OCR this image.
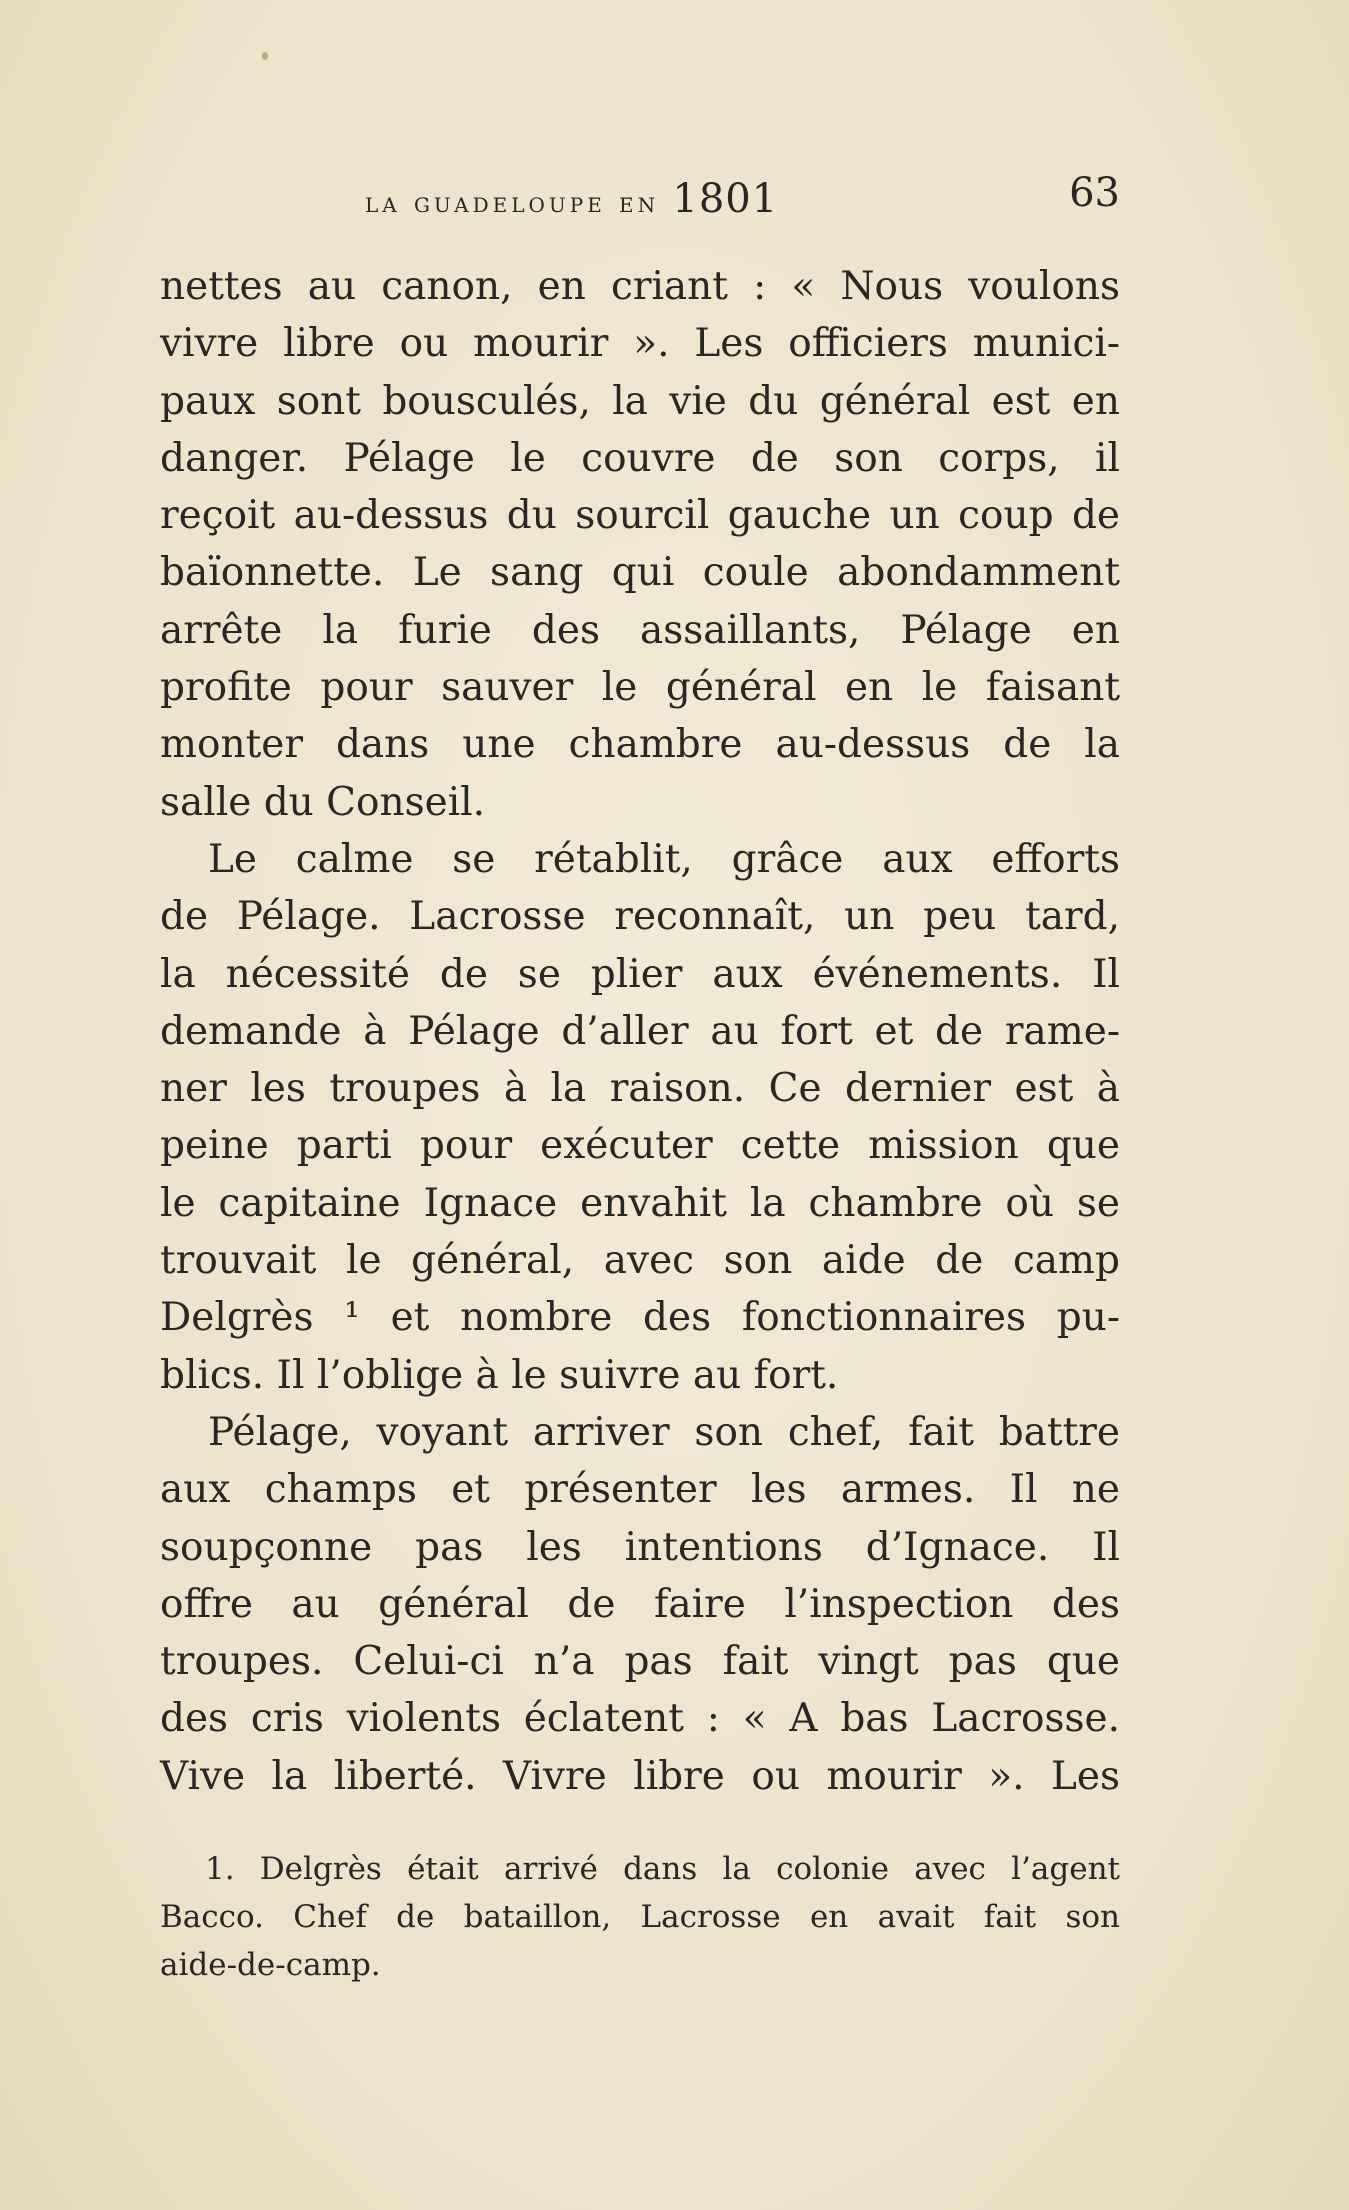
la guadeloupe en 1801	63
nettes au canon, en criant : « Nous voulons
vivre libre ou mourir ». Les officiers munici-
paux sont bousculés, la vie du général est en
danger. Pélage le couvre de son corps, il
reçoit au-dessus du sourcil gauche un coup de
baïonnette. Le sang qui coule abondamment
arrête la furie des assaillants, Pélage en
profite pour sauver le général en le faisant
monter dans une chambre au-dessus de la
salle du Conseil.
Le calme se rétablit, grâce aux efforts
de Pélage. Lacrosse reconnaît, un peu tard,
la nécessité de se plier aux événements. Il
demande à Pélage d’aller au fort et de rame-
ner les troupes à la raison. Ce dernier est à
peine parti pour exécuter cette mission que
le capitaine Ignace envahit la chambre où se
trouvait le général, avec son aide de camp
Delgrès ¹ et nombre des fonctionnaires pu-
blics. Il l’oblige à le suivre au fort.
Pélage, voyant arriver son chef, fait battre
aux champs et présenter les armes. Il ne
soupçonne pas les intentions d’Ignace. Il
offre au général de faire l’inspection des
troupes. Celui-ci n’a pas fait vingt pas que
des cris violents éclatent : « A bas Lacrosse.
Vive la liberté. Vivre libre ou mourir ». Les
1. Delgrès était arrivé dans la colonie avec l’agent
Bacco. Chef de bataillon, Lacrosse en avait fait son
aide-de-camp.
